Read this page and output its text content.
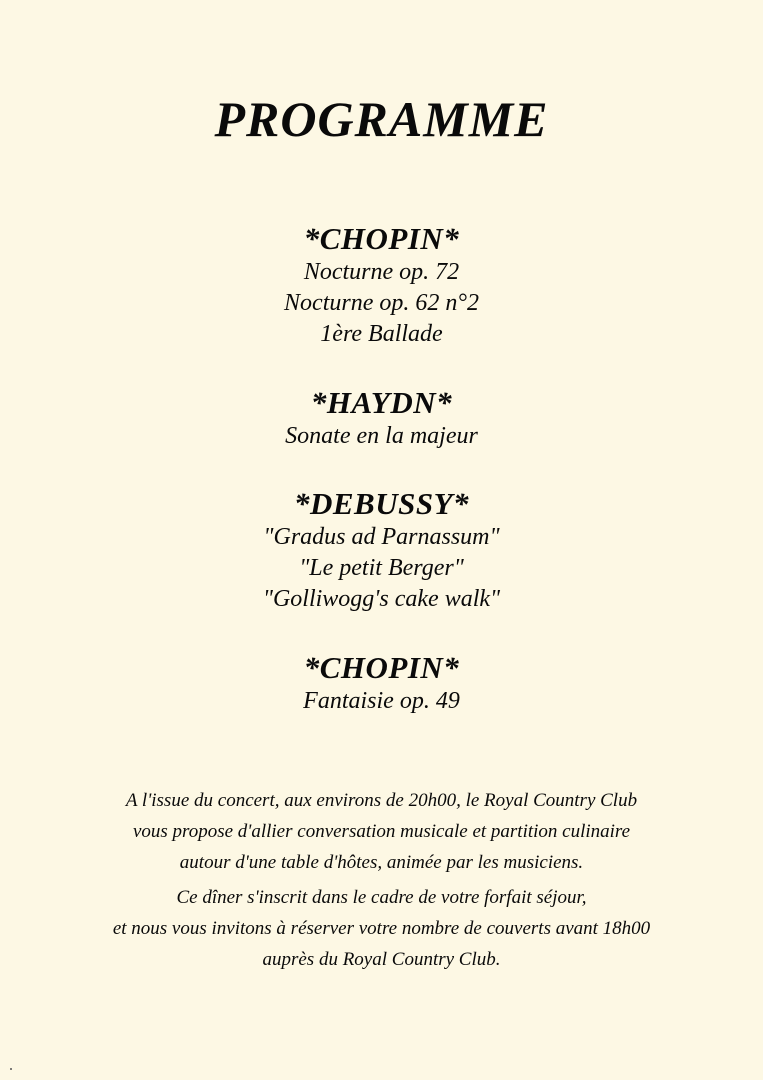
PROGRAMME
*CHOPIN*
Nocturne op. 72
Nocturne op. 62 n°2
1ère Ballade
*HAYDN*
Sonate en la majeur
*DEBUSSY*
"Gradus ad Parnassum"
"Le petit Berger"
"Golliwogg's cake walk"
*CHOPIN*
Fantaisie op. 49
A l'issue du concert, aux environs de 20h00, le Royal Country Club
vous propose d'allier conversation musicale et partition culinaire
autour d'une table d'hôtes, animée par les musiciens.
Ce dîner s'inscrit dans le cadre de votre forfait séjour,
et nous vous invitons à réserver votre nombre de couverts avant 18h00
auprès du Royal Country Club.
